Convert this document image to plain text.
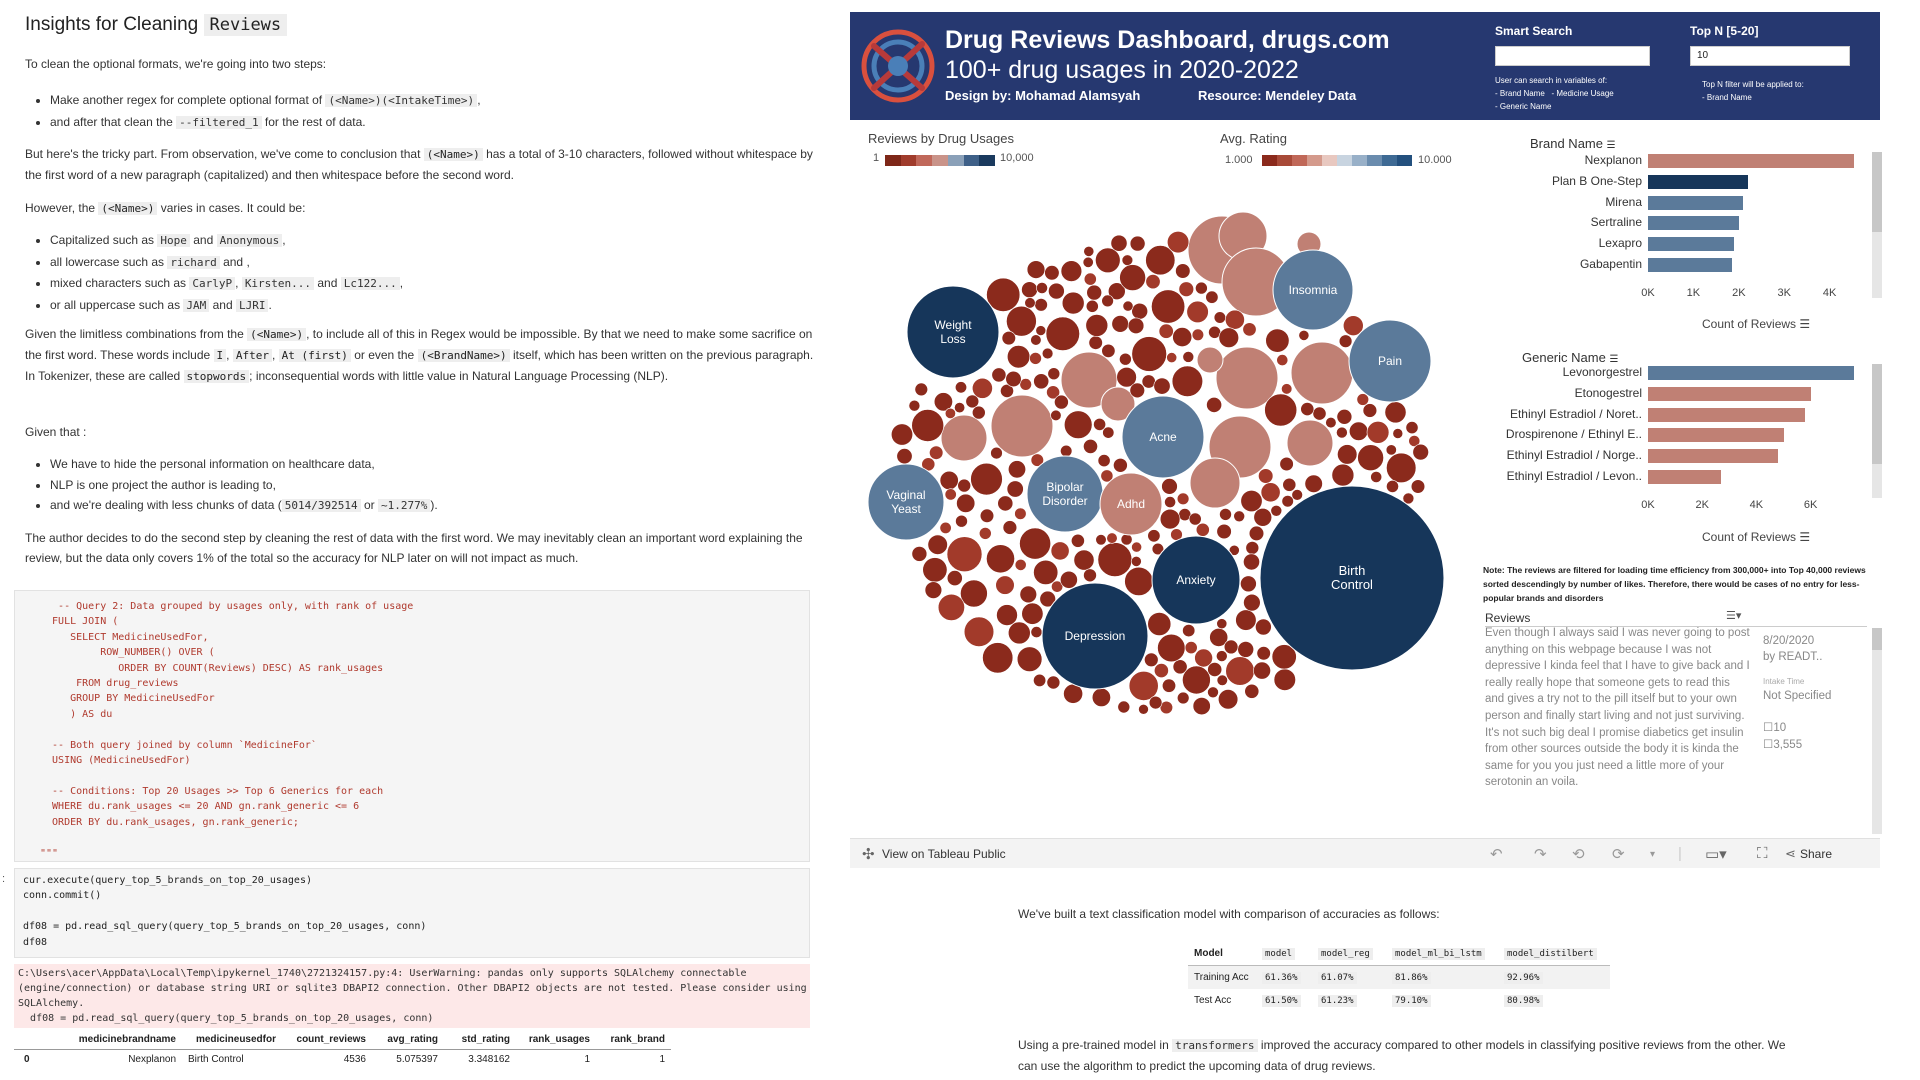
Insights for Cleaning Reviews
To clean the optional formats, we're going into two steps:
• Make another regex for complete optional format of (<Name>)(<IntakeTime>) ,
• and after that clean the --filtered_1 for the rest of data.
But here's the tricky part. From observation, we've come to conclusion that (<Name>) has a total of 3-10 characters, followed without whitespace by the first word of a new paragraph (capitalized) and then whitespace before the second word.
However, the (<Name>) varies in cases. It could be:
• Capitalized such as Hope and Anonymous ,
• all lowercase such as richard and ,
• mixed characters such as CarlyP , Kirsten... and Lc122... ,
• or all uppercase such as JAM and LJRI .
Given the limitless combinations from the (<Name>) , to include all of this in Regex would be impossible. By that we need to make some sacrifice on the first word. These words include I , After , At (first) or even the (<BrandName>) itself, which has been written on the previous paragraph. In Tokenizer, these are called stopwords ; inconsequential words with little value in Natural Language Processing (NLP).
Given that :
• We have to hide the personal information on healthcare data,
• NLP is one project the author is leading to,
• and we're dealing with less chunks of data ( 5014/392514 or ~1.277% ).
The author decides to do the second step by cleaning the rest of data with the first word. We may inevitably clean an important word explaining the review, but the data only covers 1% of the total so the accuracy for NLP later on will not impact as much.
-- Query 2: Data grouped by usages only, with rank of usage
FULL JOIN (
SELECT MedicineUsedFor,
ROW_NUMBER() OVER (
ORDER BY COUNT(Reviews) DESC) AS rank_usages
FROM drug_reviews
GROUP BY MedicineUsedFor
) AS du

-- Both query joined by column `MedicineFor`
USING (MedicineUsedFor)

-- Conditions: Top 20 Usages >> Top 6 Generics for each
WHERE du.rank_usages <= 20 AND gn.rank_generic <= 6
ORDER BY du.rank_usages, gn.rank_generic;

"""
:	cur.execute(query_top_5_brands_on_top_20_usages)
conn.commit()

df08 = pd.read_sql_query(query_top_5_brands_on_top_20_usages, conn)
df08
C:\Users\acer\AppData\Local\Temp\ipykernel_1740\2721324157.py:4: UserWarning: pandas only supports SQLAlchemy connectable (engine/connection) or database string URI or sqlite3 DBAPI2 connection. Other DBAPI2 objects are not tested. Please consider using SQLAlchemy.
df08 = pd.read_sql_query(query_top_5_brands_on_top_20_usages, conn)
	medicinebrandname	medicineusedfor	count_reviews	avg_rating	std_rating	rank_usages	rank_brand
0	Nexplanon	Birth Control	4536	5.075397	3.348162	1	1
Drug Reviews Dashboard, drugs.com
100+ drug usages in 2020-2022
Design by: Mohamad Alamsyah	Resource: Mendeley Data
Smart Search
User can search in variables of:
- Brand Name   - Medicine Usage
- Generic Name
Top N [5-20]
10
Top N filter will be applied to:
- Brand Name
Reviews by Drug Usages
1	10,000
Avg. Rating
1.000	10.000
Birth Control
Depression
Anxiety
Weight Loss
Acne
Pain
Insomnia
Vaginal Yeast
Bipolar Disorder Adhd
Brand Name ☰
Nexplanon
Plan B One-Step
Mirena
Sertraline
Lexapro
Gabapentin
0K	1K	2K	3K	4K
Count of Reviews ☰
Generic Name ☰
Levonorgestrel
Etonogestrel
Ethinyl Estradiol / Noret..
Drospirenone / Ethinyl E..
Ethinyl Estradiol / Norge..
Ethinyl Estradiol / Levon..
0K	2K	4K	6K
Count of Reviews ☰
Note: The reviews are filtered for loading time efficiency from 300,000+ into Top 40,000 reviews sorted descendingly by number of likes. Therefore, there would be cases of no entry for less-popular brands and disorders
Reviews	☰▾
Even though I always said I was never going to post anything on this webpage because I was not depressive I kinda feel that I have to give back and I really really hope that someone gets to read this and gives a try not to the pill itself but to your own person and finally start living and not just surviving. It's not such big deal I promise diabetics get insulin from other sources outside the body it is kinda the same for you you just need a little more of your serotonin an voila.
8/20/2020
by READT..
Intake Time
Not Specified
☐10
☐3,555
✣ View on Tableau Public	↶ ↷ ⟲ ⟳	▾ | ▭▾ ⛶ ⋖ Share
We've built a text classification model with comparison of accuracies as follows:
Model	model	model_reg	model_ml_bi_lstm	model_distilbert
Training Acc	61.36%	61.07%	81.86%	92.96%
Test Acc	61.50%	61.23%	79.10%	80.98%
Using a pre-trained model in transformers improved the accuracy compared to other models in classifying positive reviews from the other. We can use the algorithm to predict the upcoming data of drug reviews.
